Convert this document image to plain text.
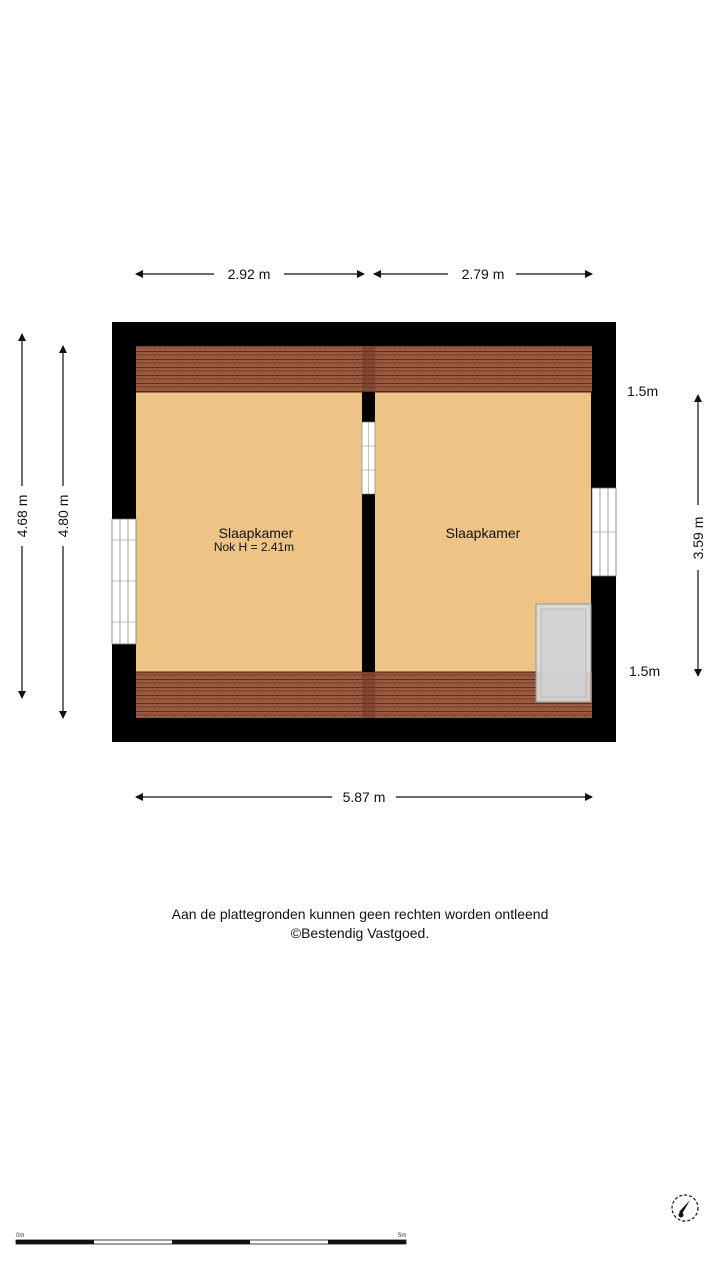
2.92 m	2.79 m
4.68 m 4.80 m
3.59 m
1.5m
1.5m
Slaapkamer
Nok H = 2.41m
Slaapkamer
5.87 m
0m	5m
Aan de plattegronden kunnen geen rechten worden ontleend
©Bestendig Vastgoed.
